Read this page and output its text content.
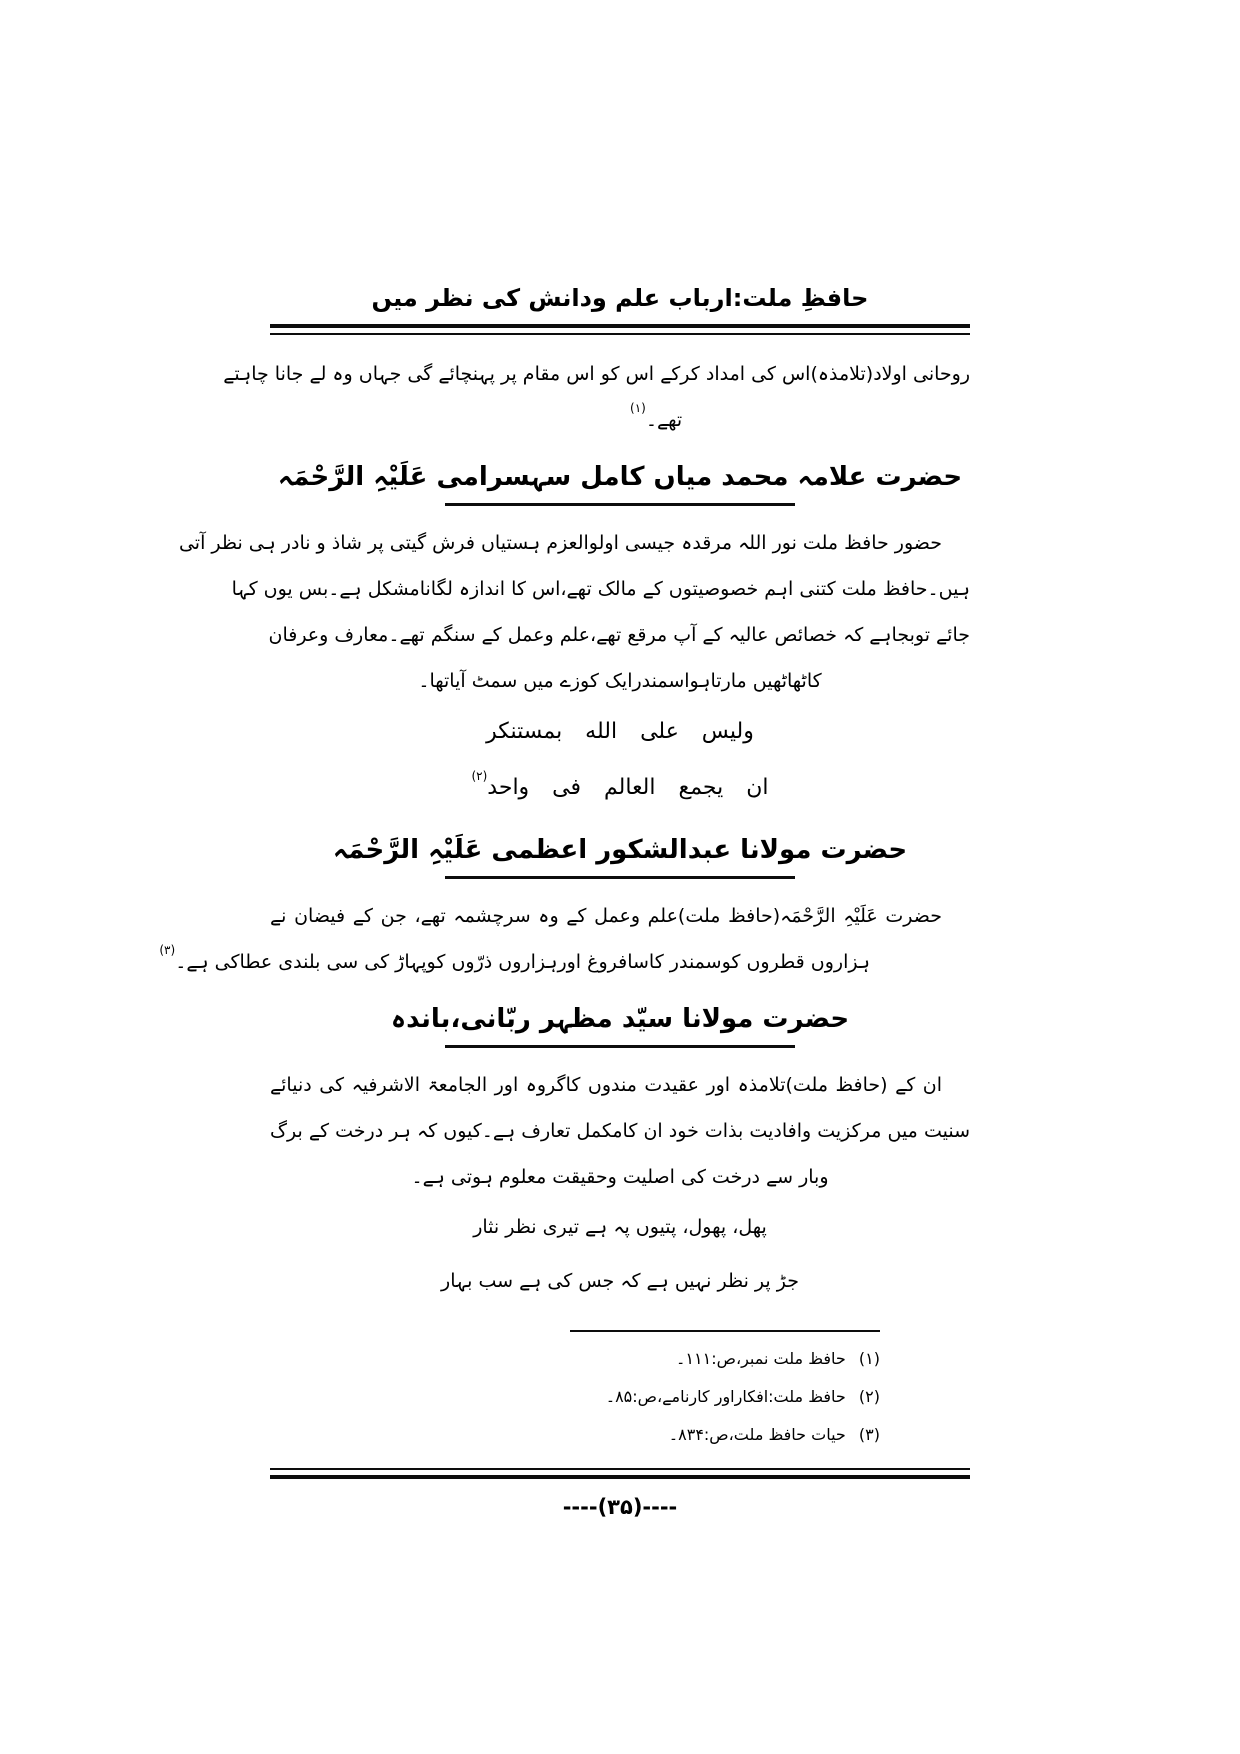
حافظِ ملت:ارباب علم ودانش کی نظر میں
روحانی اولاد(تلامذہ)اس کی امداد کرکے اس کو اس مقام پر پہنچائے گی جہاں وہ لے جانا چاہتے
تھے۔$^{(۱)}$
حضرت علامہ محمد میاں کامل سہسرامی عَلَيْہِ الرَّحْمَہ
حضور حافظ ملت نور اللہ مرقدہ جیسی اولوالعزم ہستیاں فرش گیتی پر شاذ و نادر ہی نظر آتی
ہیں۔حافظ ملت کتنی اہم خصوصیتوں کے مالک تھے،اس کا اندازہ لگانامشکل ہے۔بس یوں کہا
جائے توبجاہے کہ خصائص عالیہ کے آپ مرقع تھے،علم وعمل کے سنگم تھے۔معارف وعرفان
کاٹھاٹھیں مارتاہواسمندرایک کوزے میں سمٹ آیاتھا۔
وليس على الله بمستنكر
ان يجمع العالم فى واحد$^{(۲)}$
حضرت مولانا عبدالشکور اعظمی عَلَيْہِ الرَّحْمَہ
حضرت عَلَيْہِ الرَّحْمَہ(حافظ ملت)علم وعمل کے وہ سرچشمہ تھے، جن کے فیضان نے
ہزاروں قطروں کوسمندر کاسافروغ اورہزاروں ذرّوں کوپہاڑ کی سی بلندی عطاکی ہے۔$^{(۳)}$
حضرت مولانا سیّد مظہر ربّانی،باندہ
ان کے (حافظ ملت)تلامذہ اور عقیدت مندوں کاگروہ اور الجامعۃ الاشرفیہ کی دنیائے
سنیت میں مرکزیت وافادیت بذات خود ان کامکمل تعارف ہے۔کیوں کہ ہر درخت کے برگ
وبار سے درخت کی اصلیت وحقیقت معلوم ہوتی ہے۔
پھل، پھول، پتیوں پہ ہے تیری نظر نثار
جڑ پر نظر نہیں ہے کہ جس کی ہے سب بہار
(۱) حافظ ملت نمبر،ص:۱۱۱۔
(۲) حافظ ملت:افکاراور کارنامے،ص:۸۵۔
(۳) حیات حافظ ملت،ص:۸۳۴۔
----(۳۵)----
